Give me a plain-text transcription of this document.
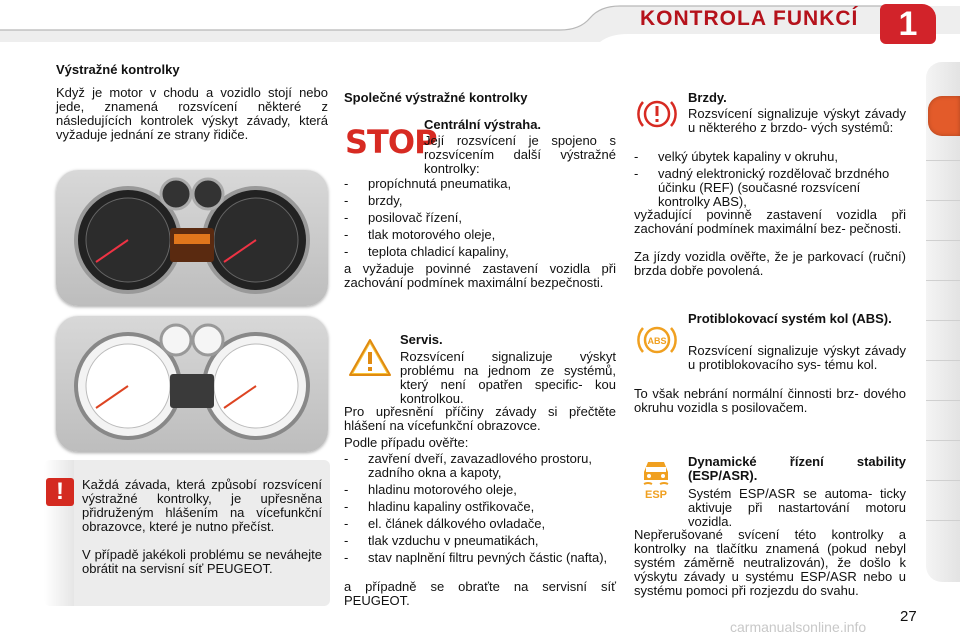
KONTROLA FUNKCÍ	1
Výstražné kontrolky
Když je motor v chodu a vozidlo stojí nebo jede, znamená rozsvícení některé z následujících kontrolek výskyt závady, která vyžaduje jednání ze strany řidiče.
!	Každá závada, která způsobí rozsvícení výstražné kontrolky, je upřesněna přidruženým hlášením na vícefunkční obrazovce, které je nutno přečíst.
V případě jakékoli problému se neváhejte obrátit na servisní síť PEUGEOT.
Společné výstražné kontrolky
STOP
Centrální výstraha.
Její rozsvícení je spojeno s rozsvícením další výstražné kontrolky:
- propíchnutá pneumatika,
- brzdy,
- posilovač řízení,
- tlak motorového oleje,
- teplota chladicí kapaliny,
a vyžaduje povinné zastavení vozidla při zachování podmínek maximální bezpečnosti.
Servis.
Rozsvícení signalizuje výskyt problému na jednom ze systémů, který není opatřen specific- kou kontrolkou.
Pro upřesnění příčiny závady si přečtěte hlášení na vícefunkční obrazovce.
Podle případu ověřte:
- zavření dveří, zavazadlového prostoru, zadního okna a kapoty,
- hladinu motorového oleje,
- hladinu kapaliny ostřikovače,
- el. článek dálkového ovladače,
- tlak vzduchu v pneumatikách,
- stav naplnění filtru pevných částic (nafta),
a případně se obraťte na servisní síť PEUGEOT.
Brzdy.
Rozsvícení signalizuje výskyt závady u některého z brzdo- vých systémů:
- velký úbytek kapaliny v okruhu,
- vadný elektronický rozdělovač brzdného účinku (REF) (současné rozsvícení kontrolky ABS),
vyžadující povinně zastavení vozidla při zachování podmínek maximální bez- pečnosti.
Za jízdy vozidla ověřte, že je parkovací (ruční) brzda dobře povolená.
ABS
Protiblokovací systém kol (ABS).
Rozsvícení signalizuje výskyt závady u protiblokovacího sys- tému kol.
To však nebrání normální činnosti brz- dového okruhu vozidla s posilovačem.
ESP
Dynamické řízení stability (ESP/ASR).
Systém ESP/ASR se automa- ticky aktivuje při nastartování motoru vozidla.
Nepřerušované svícení této kontrolky a kontrolky na tlačítku znamená (pokud nebyl systém záměrně neutralizován), že došlo k výskytu závady u systému ESP/ASR nebo u systému pomoci při rozjezdu do svahu.
27
carmanualsonline.info
